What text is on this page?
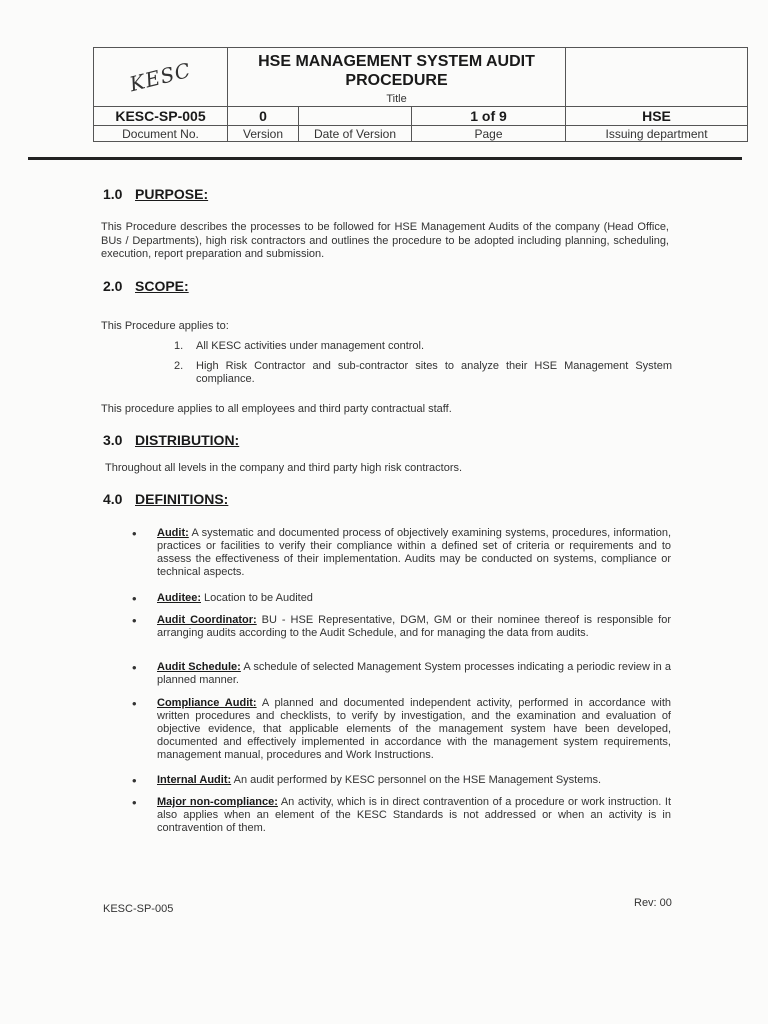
KESC	HSE MANAGEMENT SYSTEM AUDIT
PROCEDURE
Title			

KESC-SP-005	0		1 of 9	HSE
Document No.	Version	Date of Version	Page	Issuing department
1.0 PURPOSE:
This Procedure describes the processes to be followed for HSE Management Audits of the company (Head Office, BUs / Departments), high risk contractors and outlines the procedure to be adopted including planning, scheduling, execution, report preparation and submission.
2.0 SCOPE:
This Procedure applies to:
1. All KESC activities under management control.
2. High Risk Contractor and sub-contractor sites to analyze their HSE Management System compliance.
This procedure applies to all employees and third party contractual staff.
3.0 DISTRIBUTION:
Throughout all levels in the company and third party high risk contractors.
4.0 DEFINITIONS:
• Audit: A systematic and documented process of objectively examining systems, procedures, information, practices or facilities to verify their compliance within a defined set of criteria or requirements and to assess the effectiveness of their implementation. Audits may be conducted on systems, compliance or technical aspects.
• Auditee: Location to be Audited
• Audit Coordinator: BU - HSE Representative, DGM, GM or their nominee thereof is responsible for arranging audits according to the Audit Schedule, and for managing the data from audits.
• Audit Schedule: A schedule of selected Management System processes indicating a periodic review in a planned manner.
• Compliance Audit: A planned and documented independent activity, performed in accordance with written procedures and checklists, to verify by investigation, and the examination and evaluation of objective evidence, that applicable elements of the management system have been developed, documented and effectively implemented in accordance with the management system requirements, management manual, procedures and Work Instructions.
• Internal Audit: An audit performed by KESC personnel on the HSE Management Systems.
• Major non-compliance: An activity, which is in direct contravention of a procedure or work instruction. It also applies when an element of the KESC Standards is not addressed or when an activity is in contravention of them.
KESC-SP-005	Rev: 00
